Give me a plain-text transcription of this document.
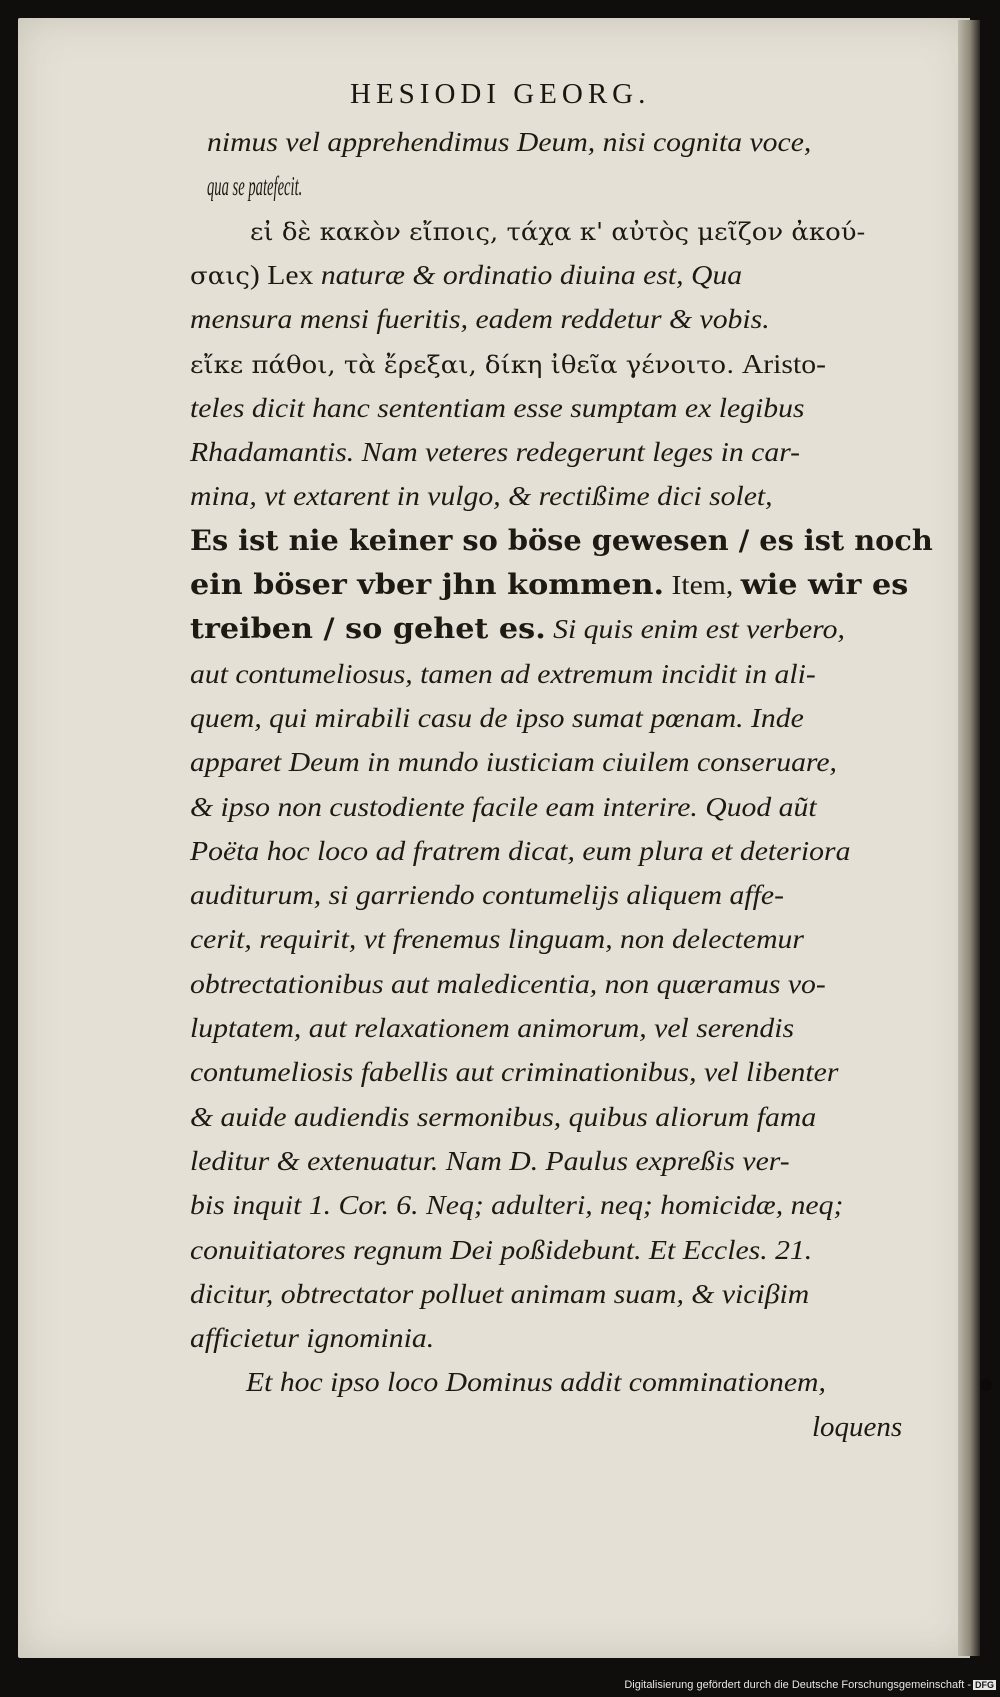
HESIODI GEORG.
nimus vel apprehendimus Deum, nisi cognita voce,
qua se patefecit.
εἰ δὲ κακὸν εἴποις, τάχα κ' αὐτὸς μεῖζον ἀκού-
σαις) Lex naturæ & ordinatio diuina est, Qua
mensura mensi fueritis, eadem reddetur & vobis.
εἴκε πάθοι, τὰ ἔρεξαι, δίκη ἰθεῖα γένοιτο. Aristo-
teles dicit hanc sententiam esse sumptam ex legibus
Rhadamantis. Nam veteres redegerunt leges in car-
mina, vt extarent in vulgo, & rectißime dici solet,
Es ist nie keiner so böse gewesen / es ist noch
ein böser vber jhn kommen. Item, wie wir es
treiben / so gehet es. Si quis enim est verbero,
aut contumeliosus, tamen ad extremum incidit in ali-
quem, qui mirabili casu de ipso sumat pœnam. Inde
apparet Deum in mundo iusticiam ciuilem conseruare,
& ipso non custodiente facile eam interire. Quod aũt
Poëta hoc loco ad fratrem dicat, eum plura et deteriora
auditurum, si garriendo contumelijs aliquem affe-
cerit, requirit, vt frenemus linguam, non delectemur
obtrectationibus aut maledicentia, non quæramus vo-
luptatem, aut relaxationem animorum, vel serendis
contumeliosis fabellis aut criminationibus, vel libenter
& auide audiendis sermonibus, quibus aliorum fama
leditur & extenuatur. Nam D. Paulus expreßis ver-
bis inquit 1. Cor. 6. Neq; adulteri, neq; homicidæ, neq;
conuitiatores regnum Dei poßidebunt. Et Eccles. 21.
dicitur, obtrectator polluet animam suam, & viciβim
afficietur ignominia.
Et hoc ipso loco Dominus addit comminationem,
loquens
Digitalisierung gefördert durch die Deutsche Forschungsgemeinschaft - DFG
